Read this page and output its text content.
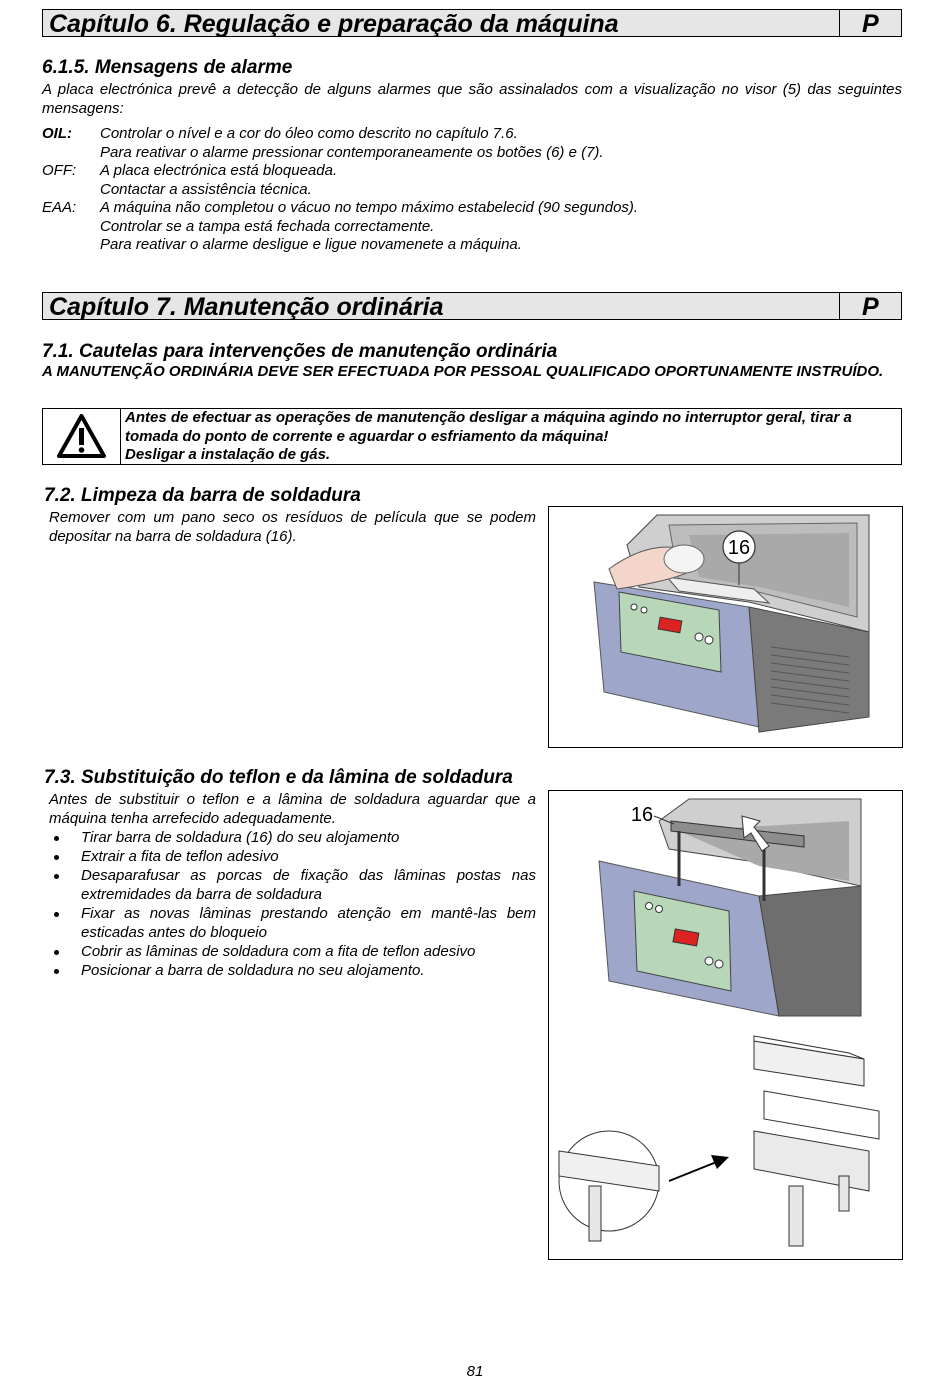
Capítulo 6. Regulação e preparação da máquina	P
6.1.5. Mensagens de alarme
A placa electrónica prevê a detecção de alguns alarmes que são assinalados com a visualização no visor (5) das seguintes mensagens:
OIL:	Controlar o nível e a cor do óleo como descrito no capítulo 7.6.
Para reativar o alarme pressionar contemporaneamente os botões (6) e (7).
OFF:	A placa electrónica está bloqueada.
Contactar a assistência técnica.
EAA:	A máquina não completou o vácuo no tempo máximo estabelecid (90 segundos).
Controlar se a tampa está fechada correctamente.
Para reativar o alarme desligue e ligue novamenete a máquina.
Capítulo 7. Manutenção ordinária	P
7.1. Cautelas para intervenções de manutenção ordinária
A MANUTENÇÃO ORDINÁRIA DEVE SER EFECTUADA POR PESSOAL QUALIFICADO OPORTUNAMENTE INSTRUÍDO.
Antes de efectuar as operações de manutenção desligar a máquina agindo no interruptor geral, tirar a tomada do ponto de corrente e aguardar o esfriamento da máquina!
Desligar a instalação de gás.
7.2. Limpeza da barra de soldadura
Remover com um pano seco os resíduos de película que se podem depositar na barra de soldadura (16).
16
7.3. Substituição do teflon e da lâmina de soldadura
Antes de substituir o teflon e a lâmina de soldadura aguardar que a máquina tenha arrefecido adequadamente.
Tirar barra de soldadura (16) do seu alojamento
Extrair a fita de teflon adesivo
Desaparafusar as porcas de fixação das lâminas postas nas extremidades da barra de soldadura
Fixar as novas lâminas prestando atenção em mantê-las bem esticadas antes do bloqueio
Cobrir as lâminas de soldadura com a fita de teflon adesivo
Posicionar a barra de soldadura no seu alojamento.
16
81
